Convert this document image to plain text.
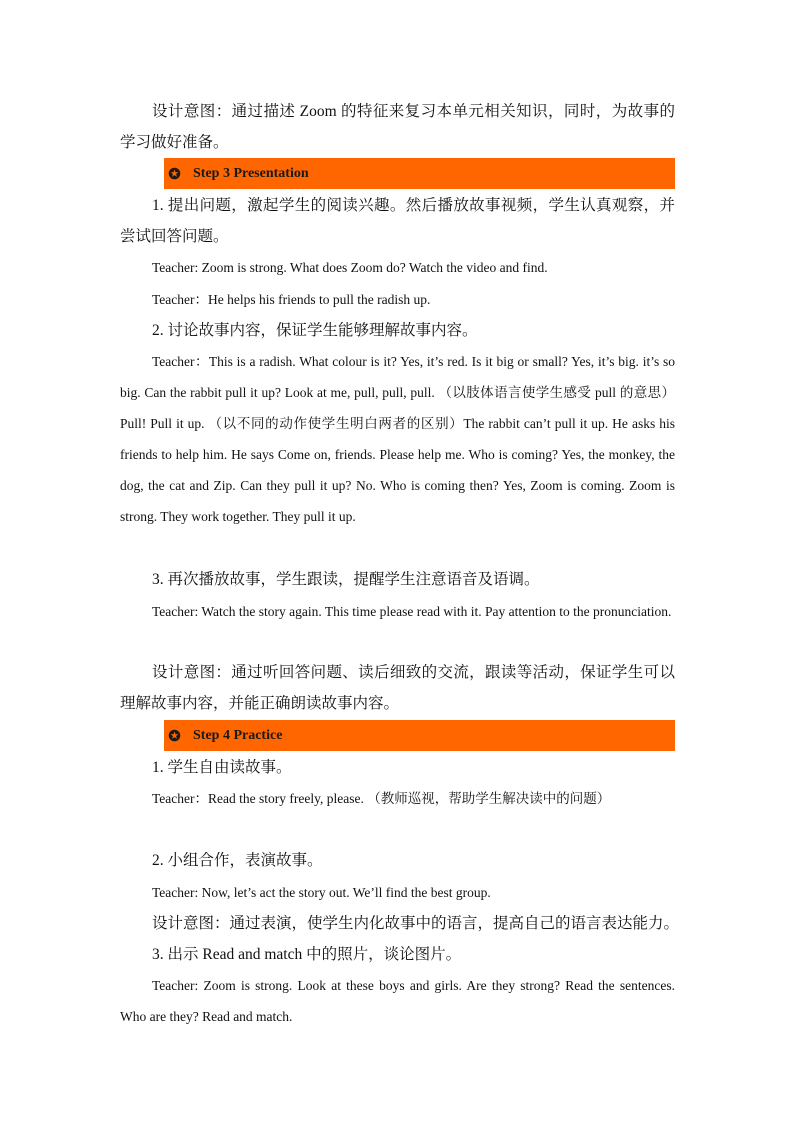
设计意图：通过描述 Zoom 的特征来复习本单元相关知识，同时，为故事的学习做好准备。

Step 3 Presentation

1. 提出问题，激起学生的阅读兴趣。然后播放故事视频，学生认真观察，并尝试回答问题。

Teacher: Zoom is strong. What does Zoom do? Watch the video and find.

Teacher：He helps his friends to pull the radish up.

2. 讨论故事内容，保证学生能够理解故事内容。

Teacher：This is a radish. What colour is it? Yes, it’s red. Is it big or small? Yes, it’s big. it’s so big. Can the rabbit pull it up? Look at me, pull, pull, pull. （以肢体语言使学生感受 pull 的意思）Pull! Pull it up. （以不同的动作使学生明白两者的区别）The rabbit can’t pull it up. He asks his friends to help him. He says Come on, friends. Please help me. Who is coming? Yes, the monkey, the dog, the cat and Zip. Can they pull it up? No. Who is coming then? Yes, Zoom is coming. Zoom is strong. They work together. They pull it up.

3. 再次播放故事，学生跟读，提醒学生注意语音及语调。

Teacher: Watch the story again. This time please read with it. Pay attention to the pronunciation.

设计意图：通过听回答问题、读后细致的交流，跟读等活动，保证学生可以理解故事内容，并能正确朗读故事内容。

Step 4 Practice

1. 学生自由读故事。

Teacher：Read the story freely, please. （教师巡视，帮助学生解决读中的问题）

2. 小组合作，表演故事。

Teacher: Now, let’s act the story out. We’ll find the best group.

设计意图：通过表演，使学生内化故事中的语言，提高自己的语言表达能力。

3. 出示 Read and match 中的照片，谈论图片。

Teacher: Zoom is strong. Look at these boys and girls. Are they strong? Read the sentences. Who are they? Read and match.
